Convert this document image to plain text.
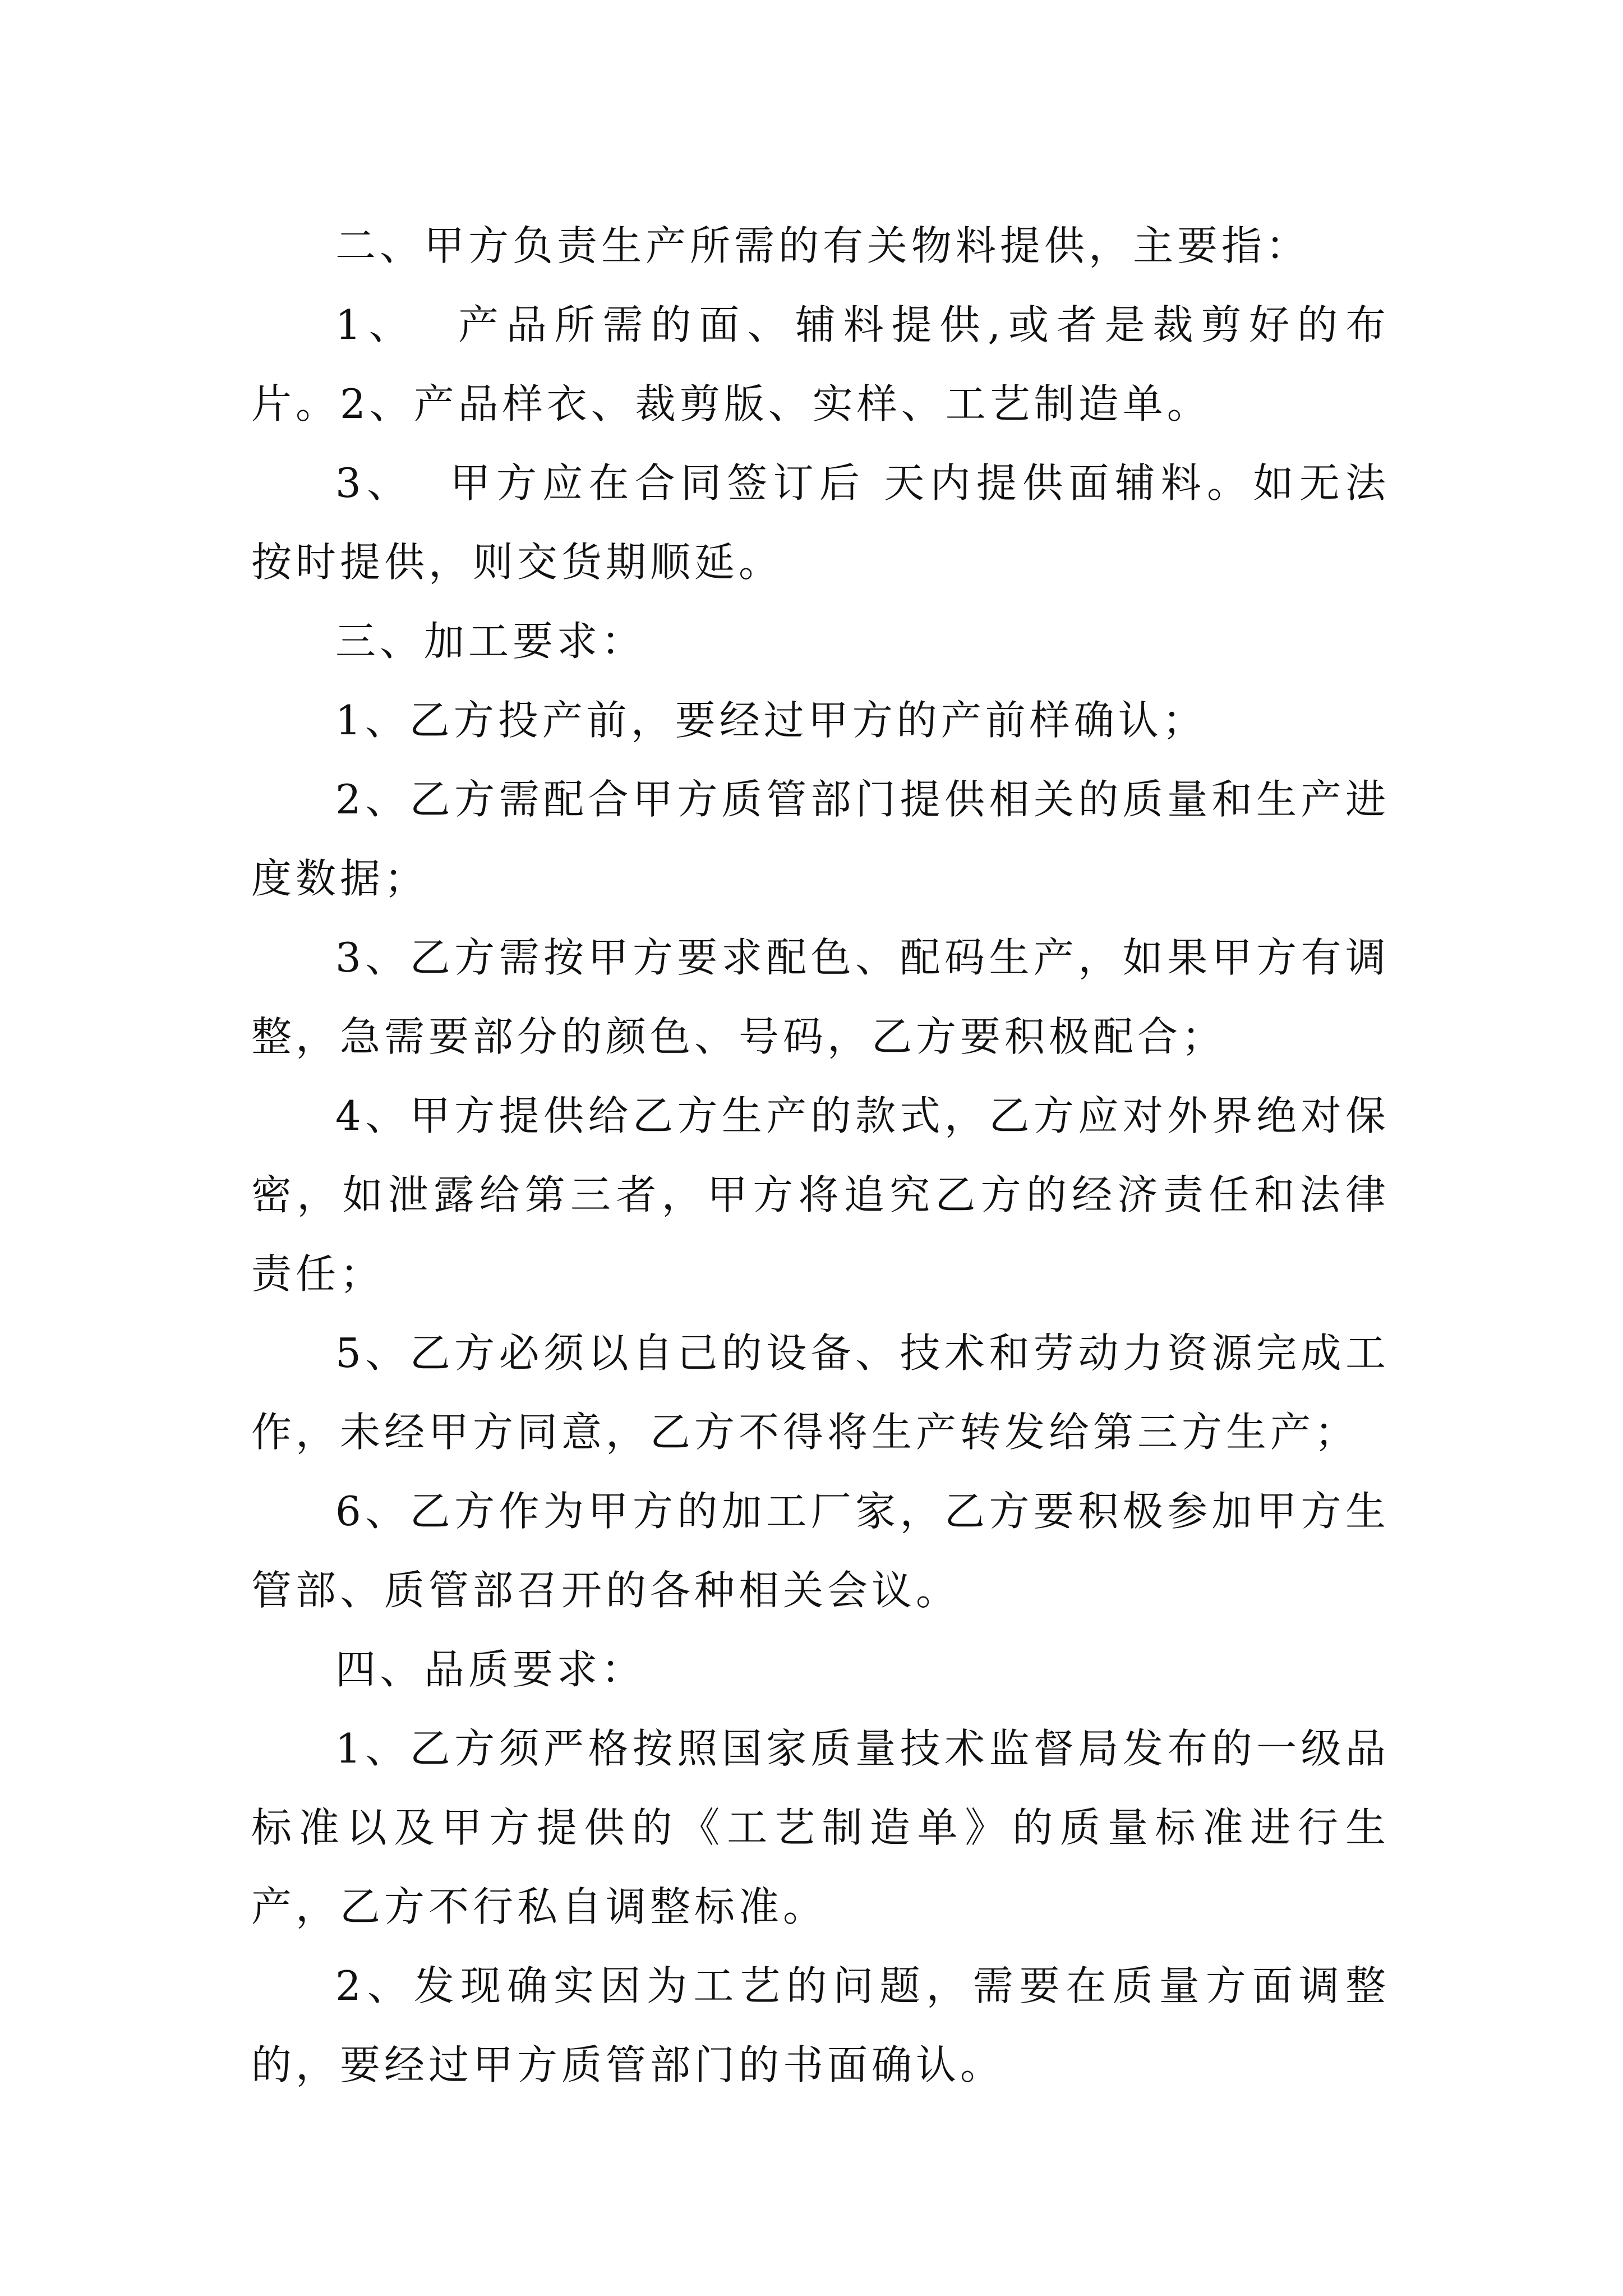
二、甲方负责生产所需的有关物料提供，主要指：

1、  产品所需的面、辅料提供,或者是裁剪好的布片。2、产品样衣、裁剪版、实样、工艺制造单。

3、  甲方应在合同签订后 天内提供面辅料。如无法按时提供，则交货期顺延。

三、加工要求：

1、乙方投产前，要经过甲方的产前样确认；

2、乙方需配合甲方质管部门提供相关的质量和生产进度数据；

3、乙方需按甲方要求配色、配码生产，如果甲方有调整，急需要部分的颜色、号码，乙方要积极配合；

4、甲方提供给乙方生产的款式，乙方应对外界绝对保密，如泄露给第三者，甲方将追究乙方的经济责任和法律责任；

5、乙方必须以自己的设备、技术和劳动力资源完成工作，未经甲方同意，乙方不得将生产转发给第三方生产；

6、乙方作为甲方的加工厂家，乙方要积极参加甲方生管部、质管部召开的各种相关会议。

四、品质要求：

1、乙方须严格按照国家质量技术监督局发布的一级品标准以及甲方提供的《工艺制造单》的质量标准进行生产，乙方不行私自调整标准。

2、发现确实因为工艺的问题，需要在质量方面调整的，要经过甲方质管部门的书面确认。
